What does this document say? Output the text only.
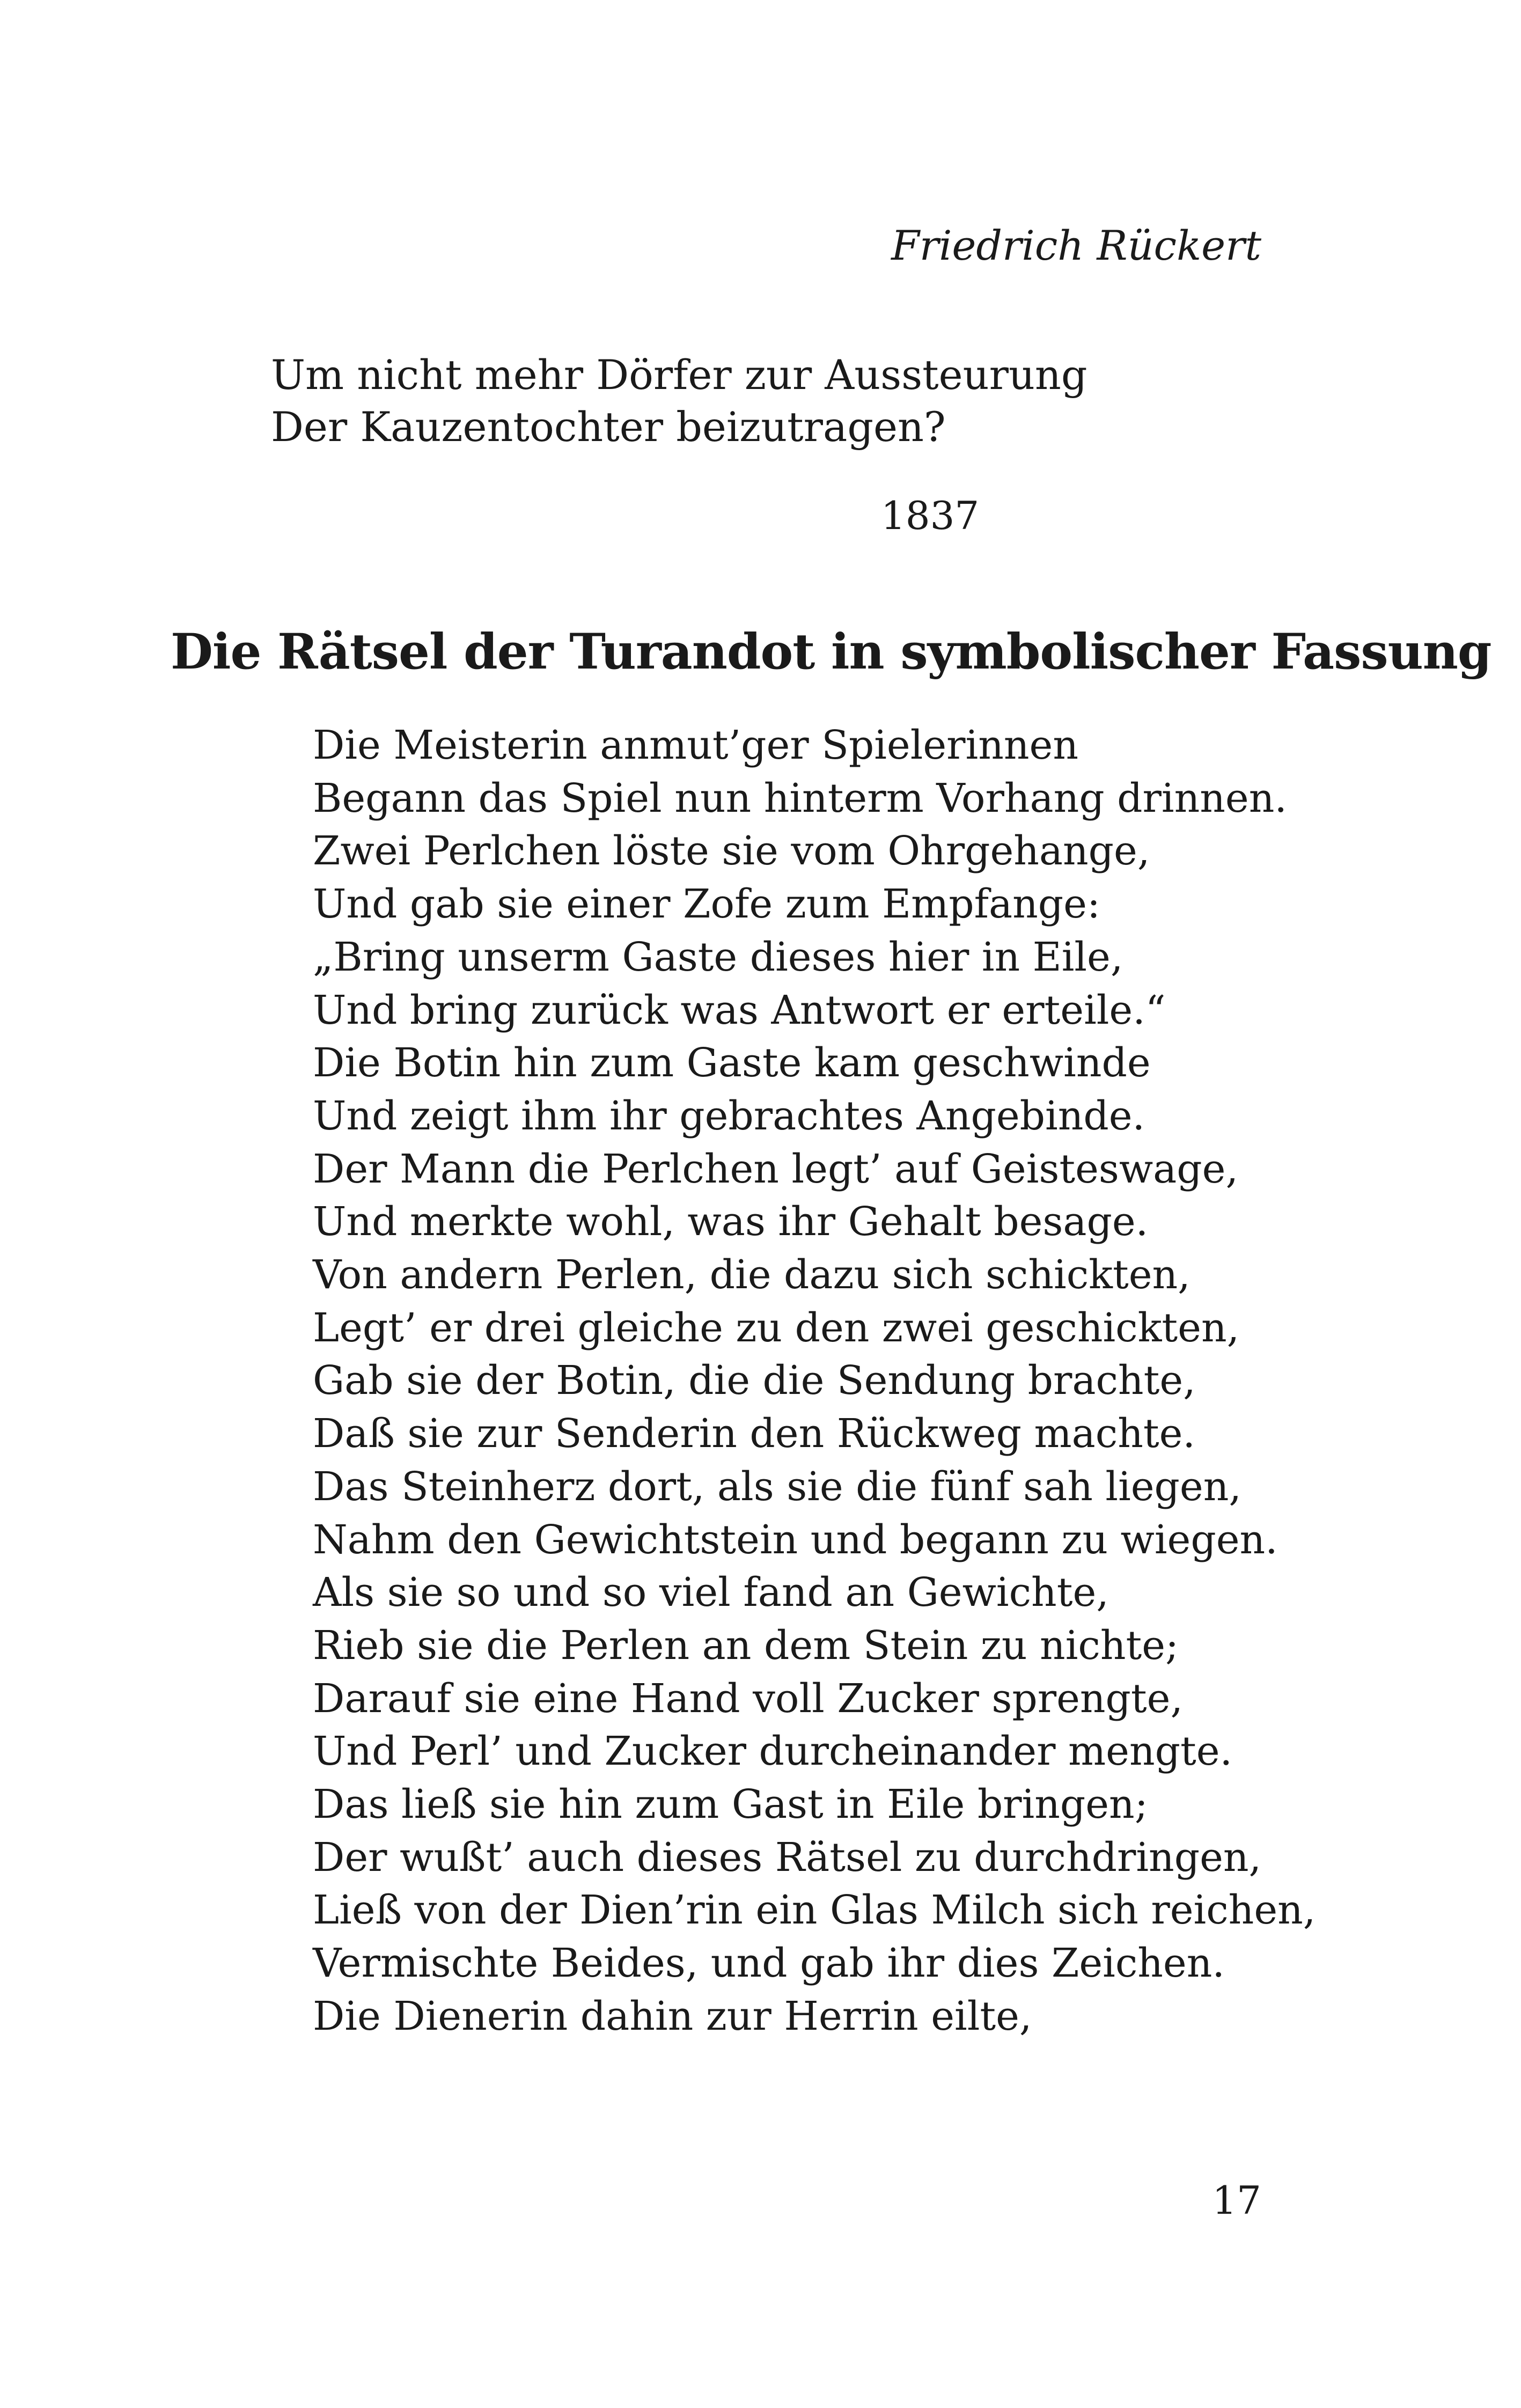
Friedrich Rückert
Um nicht mehr Dörfer zur Aussteurung
Der Kauzentochter beizutragen?
1837
Die Rätsel der Turandot in symbolischer Fassung
Die Meisterin anmut’ger Spielerinnen
Begann das Spiel nun hinterm Vorhang drinnen.
Zwei Perlchen löste sie vom Ohrgehange,
Und gab sie einer Zofe zum Empfange:
„Bring unserm Gaste dieses hier in Eile,
Und bring zurück was Antwort er erteile.“
Die Botin hin zum Gaste kam geschwinde
Und zeigt ihm ihr gebrachtes Angebinde.
Der Mann die Perlchen legt’ auf Geisteswage,
Und merkte wohl, was ihr Gehalt besage.
Von andern Perlen, die dazu sich schickten,
Legt’ er drei gleiche zu den zwei geschickten,
Gab sie der Botin, die die Sendung brachte,
Daß sie zur Senderin den Rückweg machte.
Das Steinherz dort, als sie die fünf sah liegen,
Nahm den Gewichtstein und begann zu wiegen.
Als sie so und so viel fand an Gewichte,
Rieb sie die Perlen an dem Stein zu nichte;
Darauf sie eine Hand voll Zucker sprengte,
Und Perl’ und Zucker durcheinander mengte.
Das ließ sie hin zum Gast in Eile bringen;
Der wußt’ auch dieses Rätsel zu durchdringen,
Ließ von der Dien’rin ein Glas Milch sich reichen,
Vermischte Beides, und gab ihr dies Zeichen.
Die Dienerin dahin zur Herrin eilte,
17
